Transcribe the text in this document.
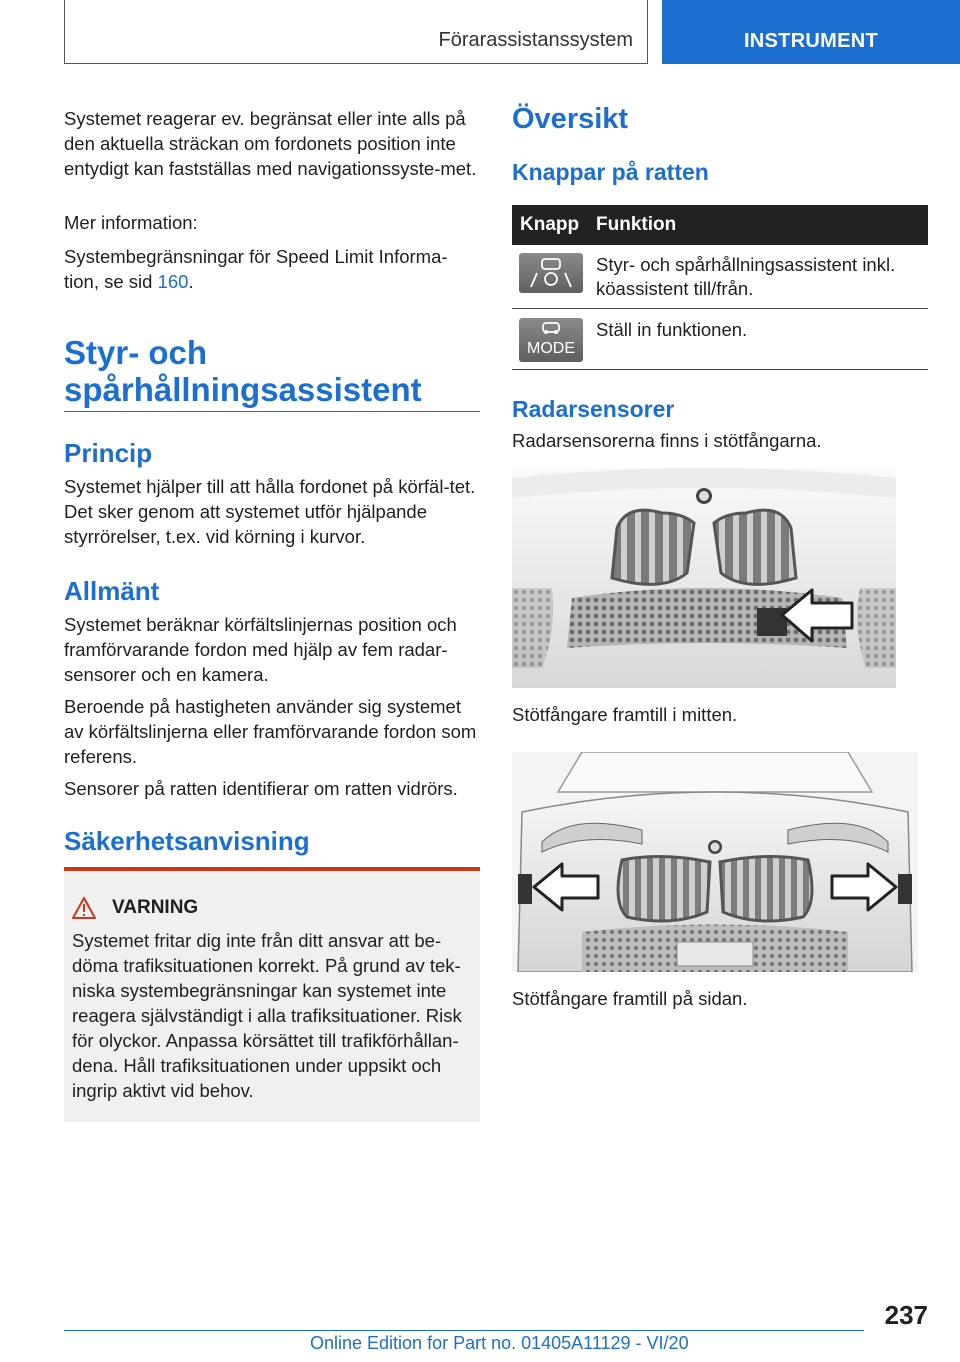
Förarassistanssystem	INSTRUMENT

Systemet reagerar ev. begränsat eller inte alls på den aktuella sträckan om fordonets position inte entydigt kan fastställas med navigationssyste-met.

Mer information:

Systembegränsningar för Speed Limit Informa-tion, se sid 160.

Styr- och spårhållningsassistent
Princip

Systemet hjälper till att hålla fordonet på körfäl-tet. Det sker genom att systemet utför hjälpande styrrörelser, t.ex. vid körning i kurvor.

Allmänt

Systemet beräknar körfältslinjernas position och framförvarande fordon med hjälp av fem radar-sensorer och en kamera.

Beroende på hastigheten använder sig systemet av körfältslinjerna eller framförvarande fordon som referens.

Sensorer på ratten identifierar om ratten vidrörs.

Säkerhetsanvisning
VARNING

Systemet fritar dig inte från ditt ansvar att be-döma trafiksituationen korrekt. På grund av tek-niska systembegränsningar kan systemet inte reagera självständigt i alla trafiksituationer. Risk för olyckor. Anpassa körsättet till trafikförhållan-dena. Håll trafiksituationen under uppsikt och ingrip aktivt vid behov.

Översikt
Knappar på ratten
Knapp Funktion

Styr- och spårhållningsassistent inkl. köassistent till/från.

MODE

Ställ in funktionen.

Radarsensorer

Radarsensorerna finns i stötfångarna.

Stötfångare framtill i mitten.

Stötfångare framtill på sidan.

237
Online Edition for Part no. 01405A11129 - VI/20
